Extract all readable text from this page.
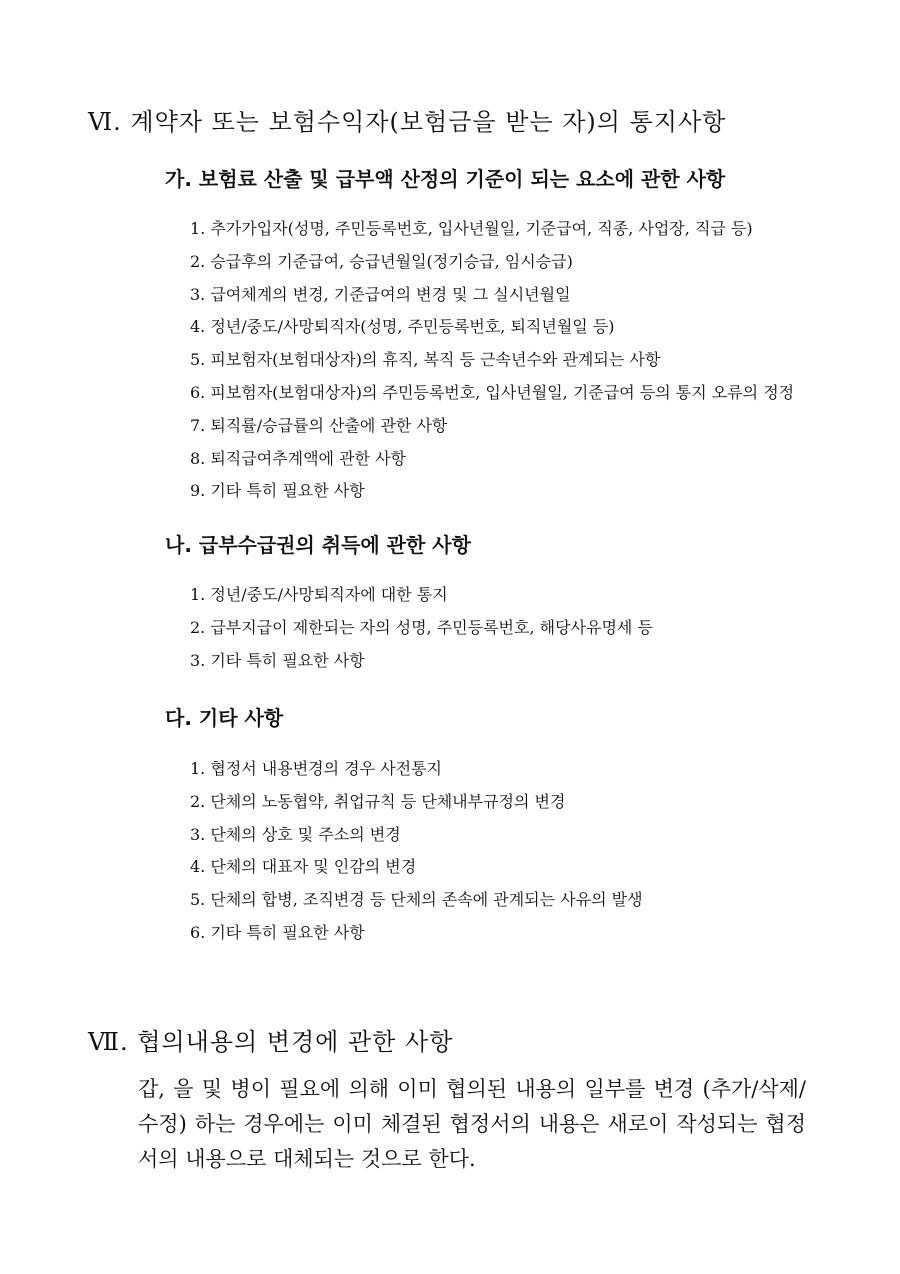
Ⅵ. 계약자 또는 보험수익자(보험금을 받는 자)의 통지사항
가. 보험료 산출 및 급부액 산정의 기준이 되는 요소에 관한 사항
1. 추가가입자(성명, 주민등록번호, 입사년월일, 기준급여, 직종, 사업장, 직급 등)
2. 승급후의 기준급여, 승급년월일(정기승급, 임시승급)
3. 급여체계의 변경, 기준급여의 변경 및 그 실시년월일
4. 정년/중도/사망퇴직자(성명, 주민등록번호, 퇴직년월일 등)
5. 피보험자(보험대상자)의 휴직, 복직 등 근속년수와 관계되는 사항
6. 피보험자(보험대상자)의 주민등록번호, 입사년월일, 기준급여 등의 통지 오류의 정정
7. 퇴직률/승급률의 산출에 관한 사항
8. 퇴직급여추계액에 관한 사항
9. 기타 특히 필요한 사항
나. 급부수급권의 취득에 관한 사항
1. 정년/중도/사망퇴직자에 대한 통지
2. 급부지급이 제한되는 자의 성명, 주민등록번호, 해당사유명세 등
3. 기타 특히 필요한 사항
다. 기타 사항
1. 협정서 내용변경의 경우 사전통지
2. 단체의 노동협약, 취업규칙 등 단체내부규정의 변경
3. 단체의 상호 및 주소의 변경
4. 단체의 대표자 및 인감의 변경
5. 단체의 합병, 조직변경 등 단체의 존속에 관계되는 사유의 발생
6. 기타 특히 필요한 사항
Ⅶ. 협의내용의 변경에 관한 사항

갑, 을 및 병이 필요에 의해 이미 협의된 내용의 일부를 변경 (추가/삭제/수정) 하는 경우에는 이미 체결된 협정서의 내용은 새로이 작성되는 협정서의 내용으로 대체되는 것으로 한다.
